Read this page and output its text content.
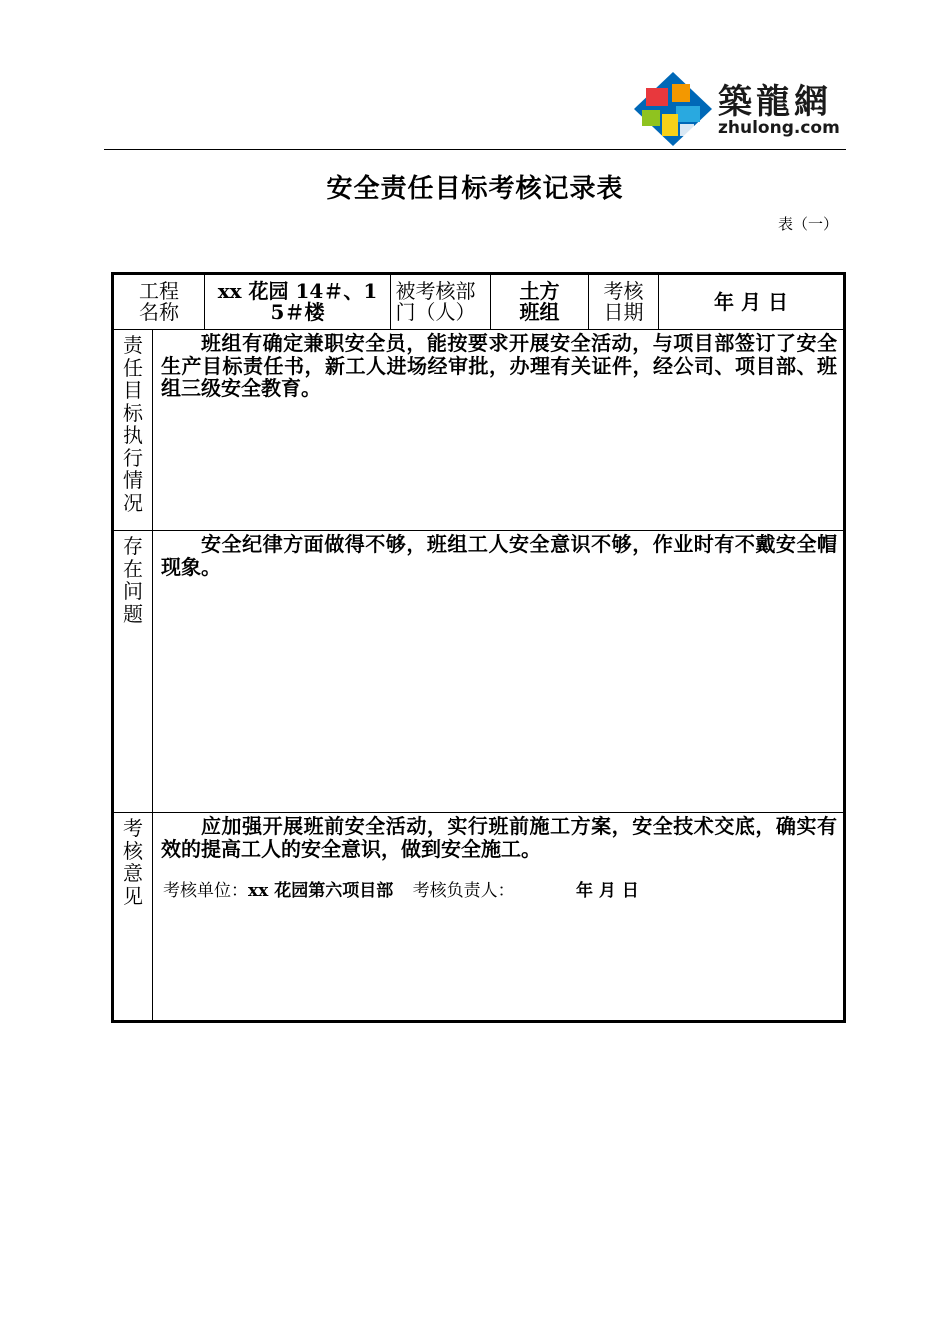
築龍網
zhulong.com
安全责任目标考核记录表
表（一）
工程名称		xx 花园 14＃、15＃楼	被考核部门（人）	土方班组	考核日期	年 月 日

责任目标执行情况	班组有确定兼职安全员，能按要求开展安全活动，与项目部签订了安全生产目标责任书，新工人进场经审批，办理有关证件，经公司、项目部、班组三级安全教育。					

存在问题	安全纪律方面做得不够，班组工人安全意识不够，作业时有不戴安全帽现象。					

考核意见	应加强开展班前安全活动，实行班前施工方案，安全技术交底，确实有效的提高工人的安全意识，做到安全施工。
考核单位：xx 花园第六项目部 考核负责人： 年 月 日					
